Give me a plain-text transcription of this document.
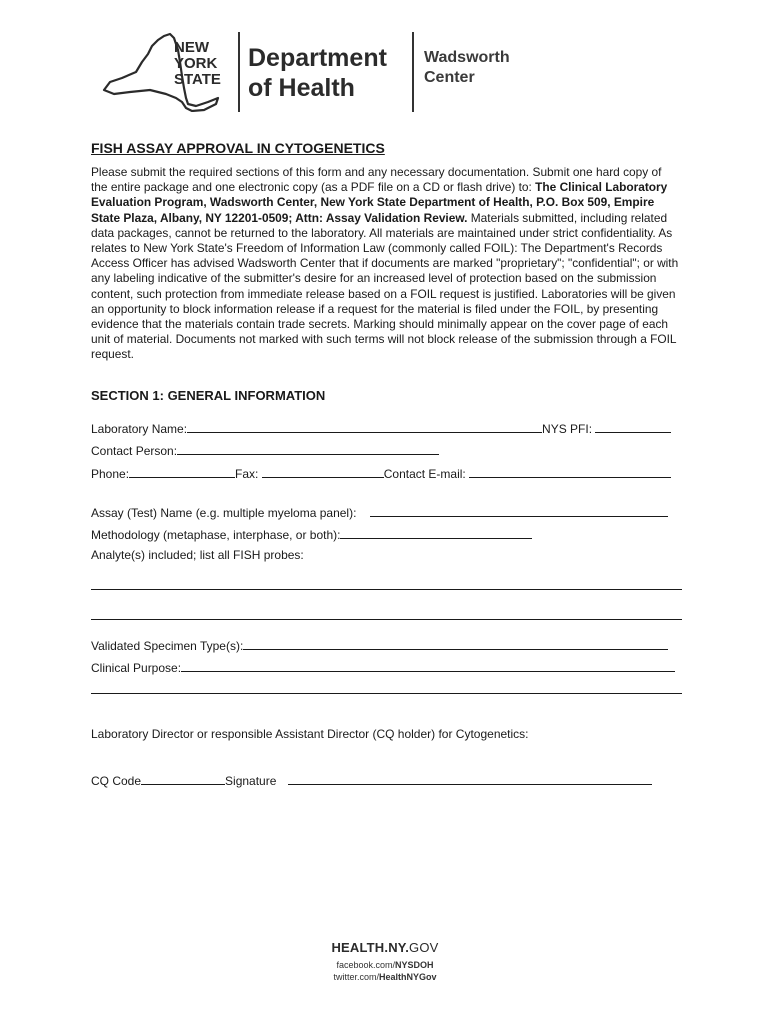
NEW
YORK
STATE
Department
of Health
Wadsworth
Center
FISH ASSAY APPROVAL IN CYTOGENETICS
Please submit the required sections of this form and any necessary documentation. Submit one hard copy of the entire package and one electronic copy (as a PDF file on a CD or flash drive) to: The Clinical Laboratory Evaluation Program, Wadsworth Center, New York State Department of Health, P.O. Box 509, Empire State Plaza, Albany, NY 12201-0509; Attn: Assay Validation Review. Materials submitted, including related data packages, cannot be returned to the laboratory. All materials are maintained under strict confidentiality. As relates to New York State's Freedom of Information Law (commonly called FOIL): The Department's Records Access Officer has advised Wadsworth Center that if documents are marked "proprietary"; "confidential"; or with any labeling indicative of the submitter's desire for an increased level of protection based on the submission content, such protection from immediate release based on a FOIL request is justified. Laboratories will be given an opportunity to block information release if a request for the material is filed under the FOIL, by presenting evidence that the materials contain trade secrets. Marking should minimally appear on the cover page of each unit of material. Documents not marked with such terms will not block release of the submission through a FOIL request.
SECTION 1: GENERAL INFORMATION
Laboratory Name:	NYS PFI:
Contact Person:
Phone:	Fax:	Contact E-mail:
Assay (Test) Name (e.g. multiple myeloma panel):
Methodology (metaphase, interphase, or both):
Analyte(s) included; list all FISH probes:
Validated Specimen Type(s):
Clinical Purpose:
Laboratory Director or responsible Assistant Director (CQ holder) for Cytogenetics:
CQ Code	Signature
HEALTH.NY.GOV
facebook.com/NYSDOH
twitter.com/HealthNYGov
